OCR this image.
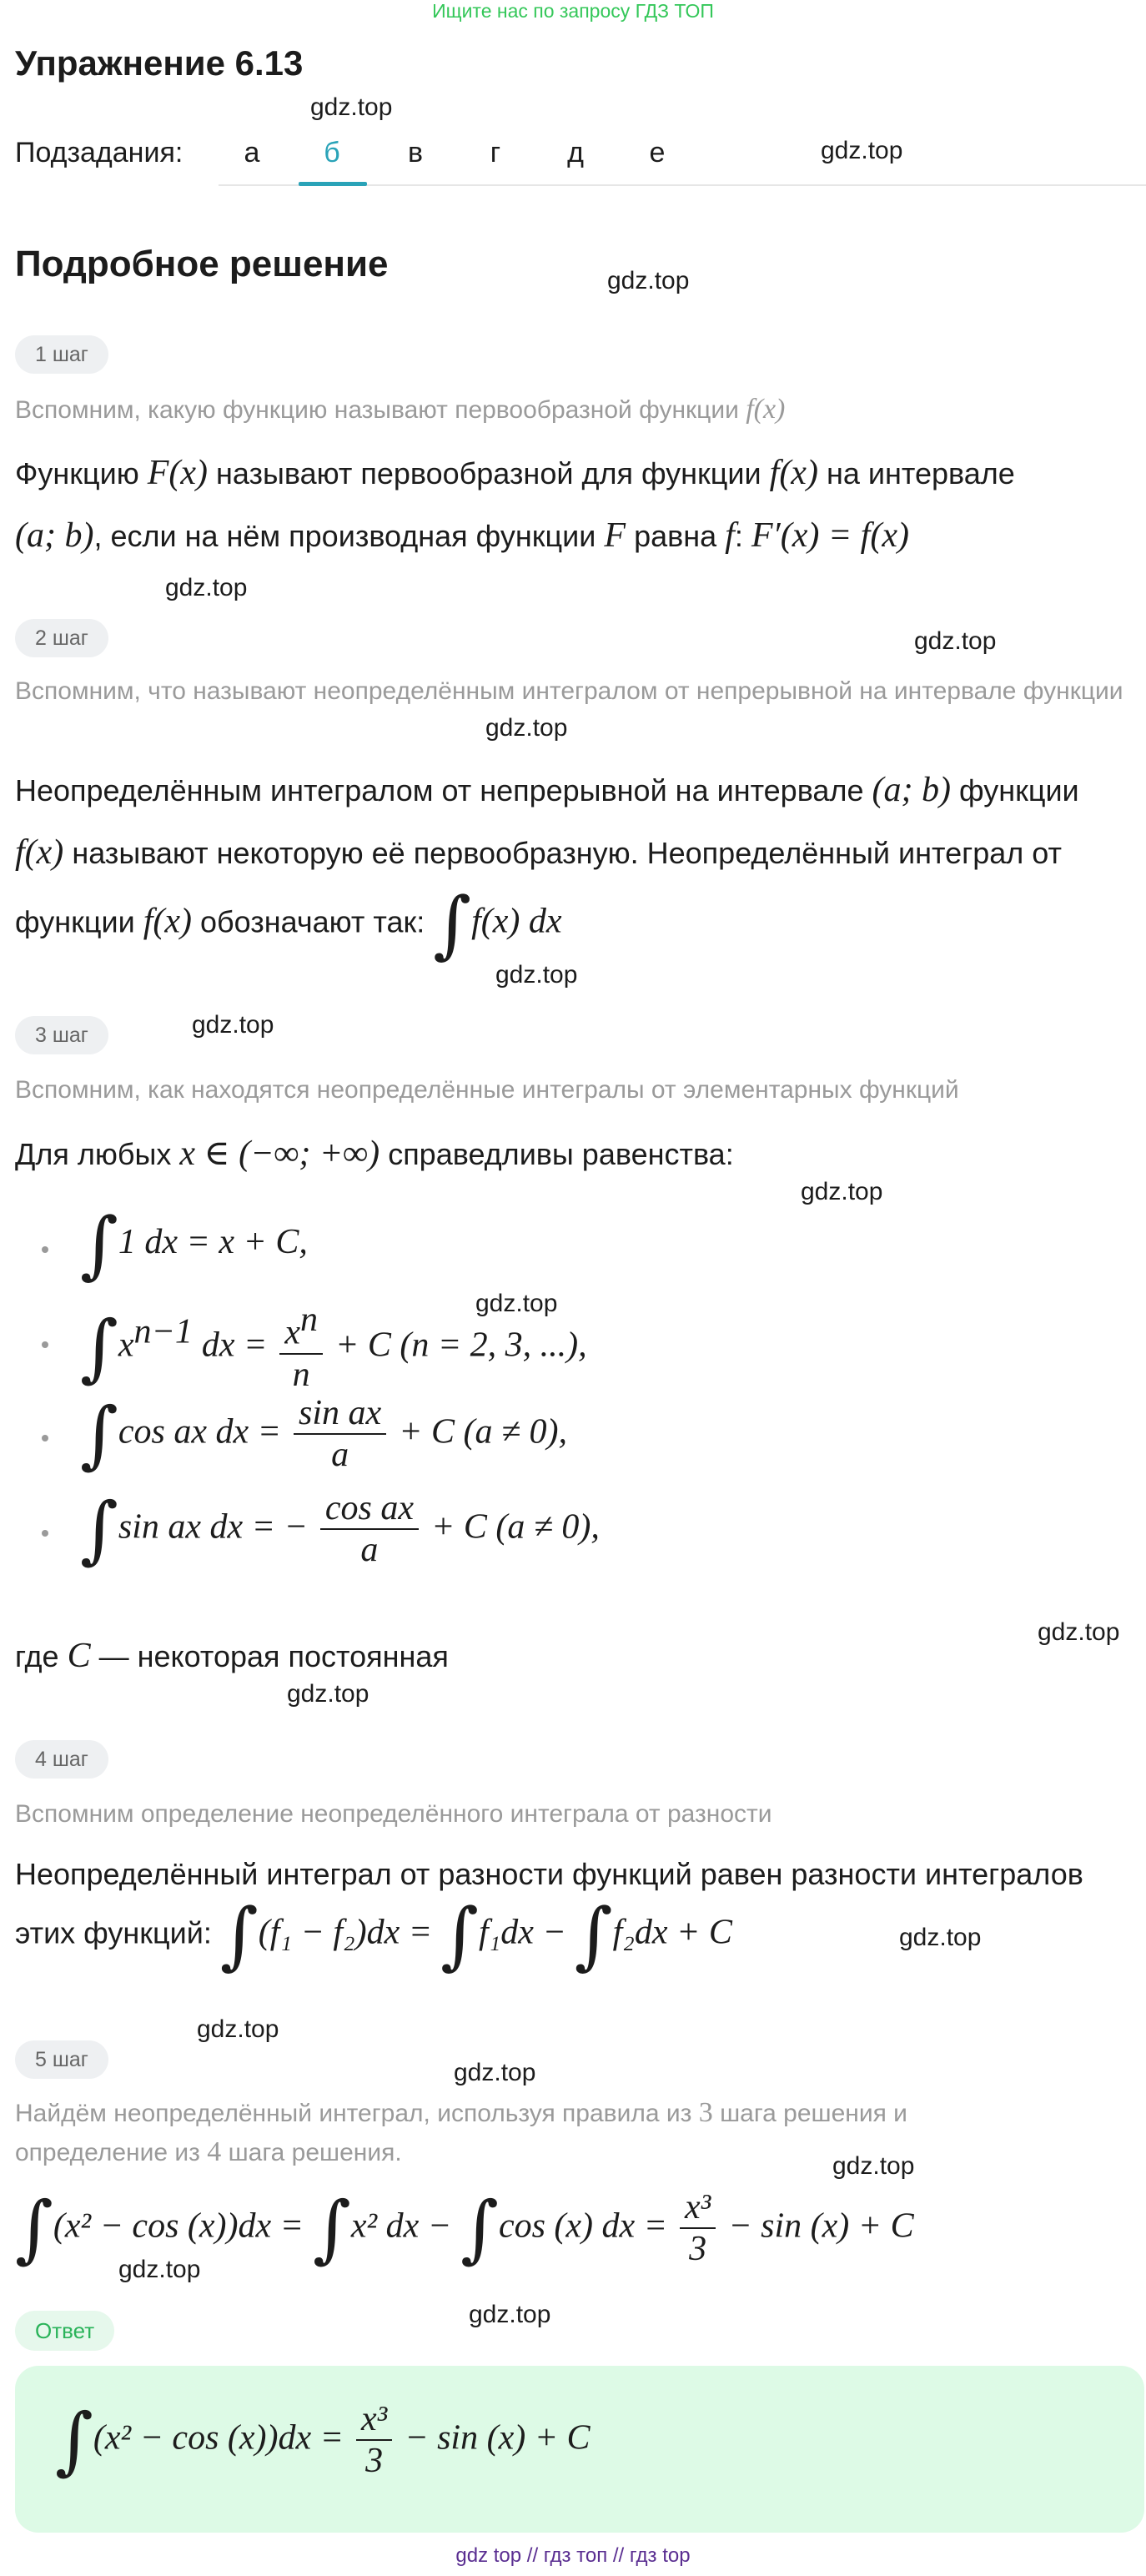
Ищите нас по запросу ГДЗ ТОП
Упражнение 6.13
Подзадания:	а	б	в	г	д	е
Подробное решение
1 шаг
Вспомним, какую функцию называют первообразной функции f(x)
Функцию F(x) называют первообразной для функции f(x) на интервале
(a; b), если на нём производная функции F равна f: F′(x) = f(x)
2 шаг
Вспомним, что называют неопределённым интегралом от непрерывной на интервале функции
Неопределённым интегралом от непрерывной на интервале (a; b) функции
f(x) называют некоторую её первообразную. Неопределённый интеграл от
функции f(x) обозначают так: ∫f(x) dx
3 шаг
Вспомним, как находятся неопределённые интегралы от элементарных функций
Для любых x ∈ (−∞; +∞) справедливы равенства:
∫1 dx = x + C,
$\int x^{n-1}$ dx = $\frac{x^n}{n} + C$ (n = 2, 3, ...),
∫cos ax dx = $\frac{\text{sin ax}}{a} + C$ (a ≠ 0),
∫sin ax dx = − $\frac{\text{cos ax}}{a} + C$ (a ≠ 0),
где C — некоторая постоянная
4 шаг
Вспомним определение неопределённого интеграла от разности
Неопределённый интеграл от разности функций равен разности интегралов
этих функций: ∫(f₁ − f₂)dx = ∫f₁dx − ∫f₂dx + C
5 шаг
Найдём неопределённый интеграл, используя правила из 3 шага решения и
определение из 4 шага решения.
∫(x² − cos (x))dx = ∫x² dx − ∫cos (x) dx = $\frac{\text{x³}}{3} - \sin (x) + C$
Ответ
$\int(x^2 - \cos (x))dx = \frac{\text{x³}}{3} - \sin (x) + C$
gdz.top
gdz.top
gdz.top
gdz.top
gdz.top
gdz.top
gdz.top
gdz.top
gdz.top
gdz.top
gdz.top
gdz.top
gdz.top
gdz.top
gdz.top
gdz.top
gdz.top
gdz.top
gdz top // гдз топ // гдз top
